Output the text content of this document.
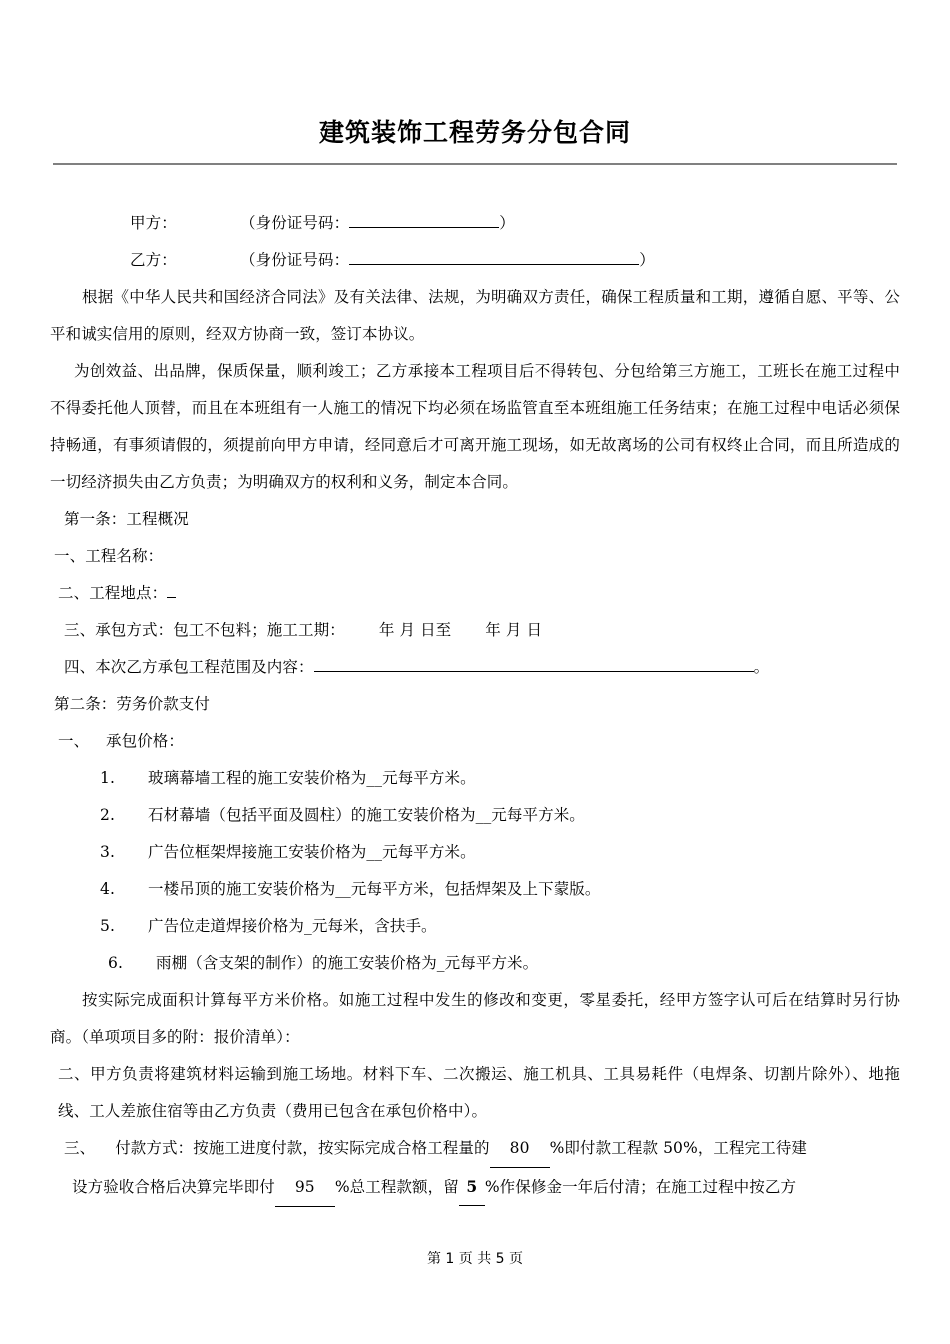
建筑装饰工程劳务分包合同
甲方：	（身份证号码：	）
乙方：	（身份证号码：	）
根据《中华人民共和国经济合同法》及有关法律、法规，为明确双方责任，确保工程质量和工期，遵循自愿、平等、公平和诚实信用的原则，经双方协商一致，签订本协议。
为创效益、出品牌，保质保量，顺利竣工；乙方承接本工程项目后不得转包、分包给第三方施工，工班长在施工过程中不得委托他人顶替，而且在本班组有一人施工的情况下均必须在场监管直至本班组施工任务结束；在施工过程中电话必须保持畅通，有事须请假的，须提前向甲方申请，经同意后才可离开施工现场，如无故离场的公司有权终止合同，而且所造成的一切经济损失由乙方负责；为明确双方的权利和义务，制定本合同。
第一条：工程概况
一、工程名称：
二、工程地点：
三、承包方式：包工不包料；施工工期： 年 月 日至 年 月 日
四、本次乙方承包工程范围及内容：	。
第二条：劳务价款支付
一、 承包价格：
1. 玻璃幕墙工程的施工安装价格为__元每平方米。
2. 石材幕墙（包括平面及圆柱）的施工安装价格为__元每平方米。
3. 广告位框架焊接施工安装价格为__元每平方米。
4. 一楼吊顶的施工安装价格为__元每平方米，包括焊架及上下蒙版。
5. 广告位走道焊接价格为_元每米，含扶手。
6. 雨棚（含支架的制作）的施工安装价格为_元每平方米。
按实际完成面积计算每平方米价格。如施工过程中发生的修改和变更，零星委托，经甲方签字认可后在结算时另行协商。（单项项目多的附：报价清单）：
二、甲方负责将建筑材料运输到施工场地。材料下车、二次搬运、施工机具、工具易耗件（电焊条、切割片除外）、地拖线、工人差旅住宿等由乙方负责（费用已包含在承包价格中）。
三、 付款方式：按施工进度付款，按实际完成合格工程量的 80 %即付款工程款 50%，工程完工待建
设方验收合格后决算完毕即付 95 %总工程款额，留 5 %作保修金一年后付清；在施工过程中按乙方
第 1 页 共 5 页
